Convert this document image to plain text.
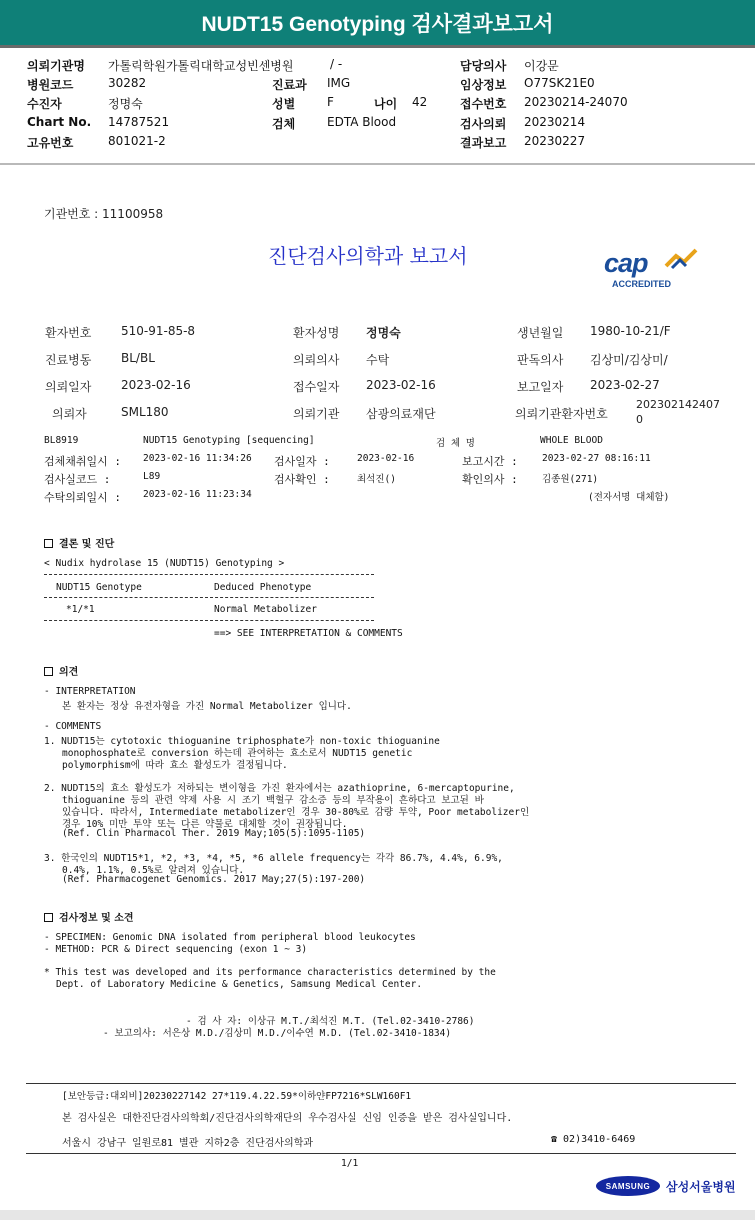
NUDT15 Genotyping 검사결과보고서
의뢰기관명 가톨릭학원가톨릭대학교성빈센병원	/ -	담당의사 이강문
병원코드	30282	진료과 IMG	임상정보 O77SK21E0
수진자	정명숙	성별	F	나이 42	접수번호 20230214-24070
Chart No. 14787521	검체	EDTA Blood	검사의뢰 20230214
고유번호	801021-2	결과보고 20230227
기관번호 : 11100958
진단검사의학과 보고서	cap
ACCREDITED
환자번호 510-91-85-8	환자성명 정명숙	생년월일 1980-10-21/F
진료병동 BL/BL	의뢰의사 수탁	판독의사 김상미/김상미/
의뢰일자 2023-02-16	접수일자 2023-02-16	보고일자 2023-02-27
의뢰자	SML180	의뢰기관 삼광의료재단	의뢰기관환자번호
202302142407
0
BL8919	NUDT15 Genotyping [sequencing]	검 체 명	WHOLE BLOOD
검체채취일시 : 2023-02-16 11:34:26 검사일자 :	2023-02-16	보고시간 :	2023-02-27 08:16:11
검사실코드 :	L89	검사확인 :	최석진()	확인의사 :	김종원(271)
수탁의뢰일시 : 2023-02-16 11:23:34	(전자서명 대체함)
결론 및 진단
< Nudix hydrolase 15 (NUDT15) Genotyping >
NUDT15 Genotype	Deduced Phenotype
*1/*1	Normal Metabolizer
==> SEE INTERPRETATION & COMMENTS
의견
- INTERPRETATION
본 환자는 정상 유전자형을 가진 Normal Metabolizer 입니다.
- COMMENTS
1. NUDT15는 cytotoxic thioguanine triphosphate가 non-toxic thioguanine
monophosphate로 conversion 하는데 관여하는 효소로서 NUDT15 genetic
polymorphism에 따라 효소 활성도가 결정됩니다.
2. NUDT15의 효소 활성도가 저하되는 변이형을 가진 환자에서는 azathioprine, 6-mercaptopurine,
thioguanine 등의 관련 약제 사용 시 조기 백혈구 감소증 등의 부작용이 흔하다고 보고된 바
있습니다. 따라서, Intermediate metabolizer인 경우 30-80%로 감량 투약, Poor metabolizer인
경우 10% 미만 투약 또는 다른 약물로 대체할 것이 권장됩니다.
(Ref. Clin Pharmacol Ther. 2019 May;105(5):1095-1105)
3. 한국인의 NUDT15*1, *2, *3, *4, *5, *6 allele frequency는 각각 86.7%, 4.4%, 6.9%,
0.4%, 1.1%, 0.5%로 알려져 있습니다.
(Ref. Pharmacogenet Genomics. 2017 May;27(5):197-200)
검사정보 및 소견
- SPECIMEN: Genomic DNA isolated from peripheral blood leukocytes
- METHOD: PCR & Direct sequencing (exon 1 ~ 3)
* This test was developed and its performance characteristics determined by the
Dept. of Laboratory Medicine & Genetics, Samsung Medical Center.
- 검 사 자: 이상규 M.T./최석진 M.T. (Tel.02-3410-2786)
- 보고의사: 서은상 M.D./김상미 M.D./이수연 M.D. (Tel.02-3410-1834)
[보안등급:대외비]20230227142 27*119.4.22.59*이하얀FP7216*SLW160F1
본 검사실은 대한진단검사의학회/진단검사의학재단의 우수검사실 신임 인증을 받은 검사실입니다.
서울시 강남구 일원로81 별관 지하2층 진단검사의학과	☎ 02)3410-6469
1/1
SAMSUNG 삼성서울병원
